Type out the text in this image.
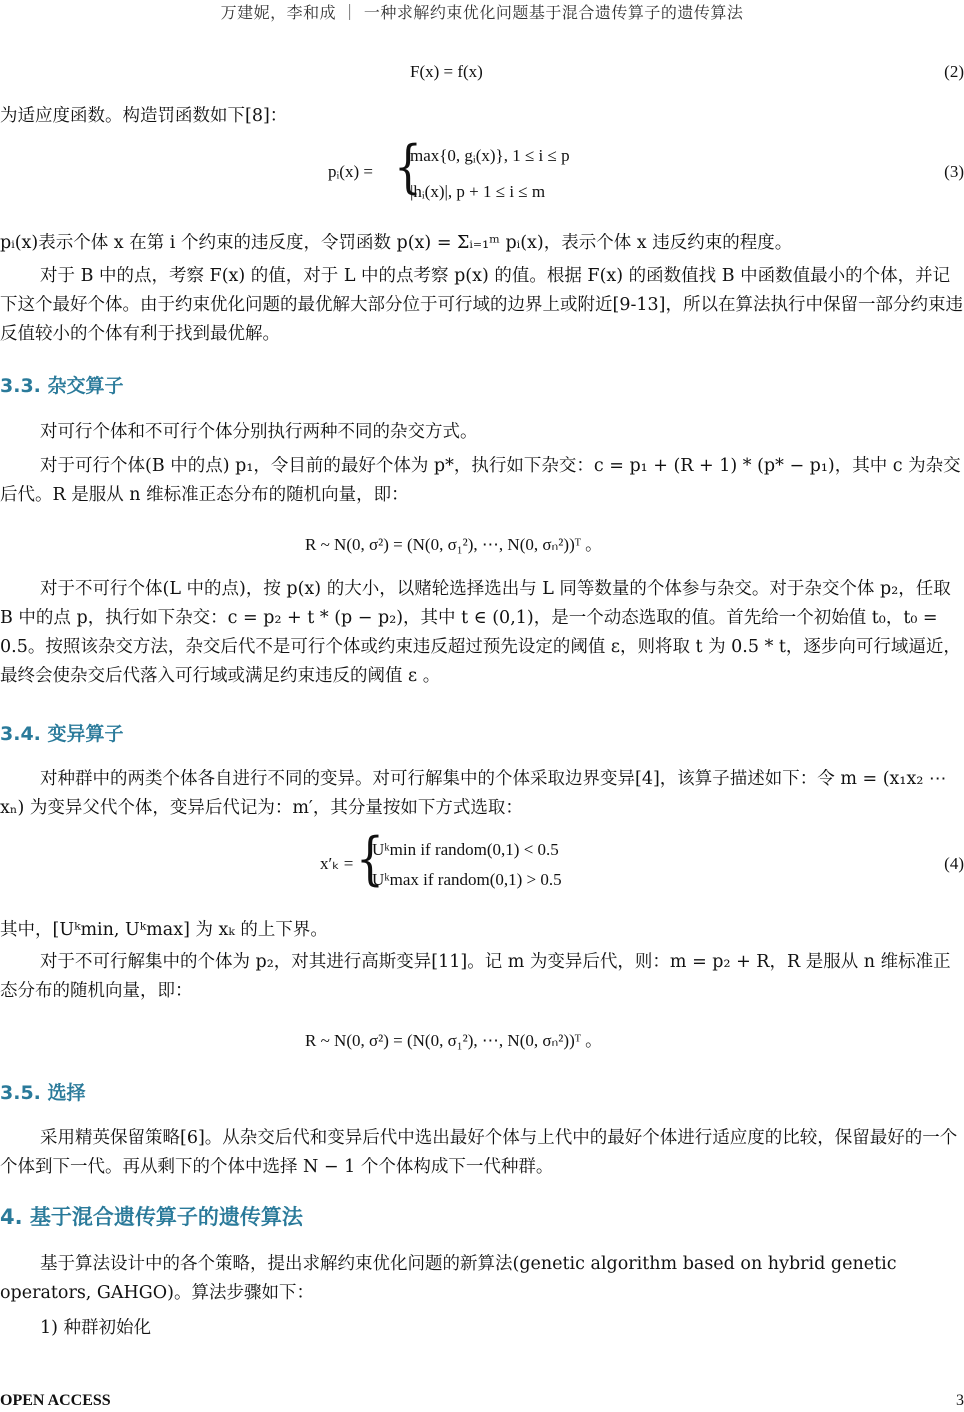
万建妮，李和成 ｜ 一种求解约束优化问题基于混合遗传算子的遗传算法
F(x) = f(x)	(2)
为适应度函数。构造罚函数如下[8]：
pᵢ(x) = {
max{0, gᵢ(x)}, 1 ≤ i ≤ p
|hᵢ(x)|, p + 1 ≤ i ≤ m
(3)
pᵢ(x)表示个体 x 在第 i 个约束的违反度，令罚函数 p(x) = Σᵢ₌₁ᵐ pᵢ(x)，表示个体 x 违反约束的程度。
对于 B 中的点，考察 F(x) 的值，对于 L 中的点考察 p(x) 的值。根据 F(x) 的函数值找 B 中函数值最小的个体，并记下这个最好个体。由于约束优化问题的最优解大部分位于可行域的边界上或附近[9-13]，所以在算法执行中保留一部分约束违反值较小的个体有利于找到最优解。
3.3. 杂交算子
对可行个体和不可行个体分别执行两种不同的杂交方式。
对于可行个体(B 中的点) p₁，令目前的最好个体为 p*，执行如下杂交：c = p₁ + (R + 1) * (p* − p₁)，其中 c 为杂交后代。R 是服从 n 维标准正态分布的随机向量，即：
R ~ N(0, σ²) = (N(0, σ₁²), ⋯, N(0, σₙ²))ᵀ 。
对于不可行个体(L 中的点)，按 p(x) 的大小，以赌轮选择选出与 L 同等数量的个体参与杂交。对于杂交个体 p₂，任取 B 中的点 p，执行如下杂交：c = p₂ + t * (p − p₂)，其中 t ∈ (0,1)，是一个动态选取的值。首先给一个初始值 t₀，t₀ = 0.5。按照该杂交方法，杂交后代不是可行个体或约束违反超过预先设定的阈值 ε，则将取 t 为 0.5 * t，逐步向可行域逼近，最终会使杂交后代落入可行域或满足约束违反的阈值 ε 。
3.4. 变异算子
对种群中的两类个体各自进行不同的变异。对可行解集中的个体采取边界变异[4]，该算子描述如下：令 m = (x₁x₂ ⋯ xₙ) 为变异父代个体，变异后代记为：m′，其分量按如下方式选取：
x′ₖ = {
Uᵏmin if random(0,1) < 0.5
Uᵏmax if random(0,1) > 0.5
(4)
其中，[Uᵏmin, Uᵏmax] 为 xₖ 的上下界。
对于不可行解集中的个体为 p₂，对其进行高斯变异[11]。记 m 为变异后代，则：m = p₂ + R，R 是服从 n 维标准正态分布的随机向量，即：
R ~ N(0, σ²) = (N(0, σ₁²), ⋯, N(0, σₙ²))ᵀ 。
3.5. 选择
采用精英保留策略[6]。从杂交后代和变异后代中选出最好个体与上代中的最好个体进行适应度的比较，保留最好的一个个体到下一代。再从剩下的个体中选择 N − 1 个个体构成下一代种群。
4. 基于混合遗传算子的遗传算法
基于算法设计中的各个策略，提出求解约束优化问题的新算法(genetic algorithm based on hybrid genetic operators, GAHGO)。算法步骤如下：
1) 种群初始化
OPEN ACCESS	3
